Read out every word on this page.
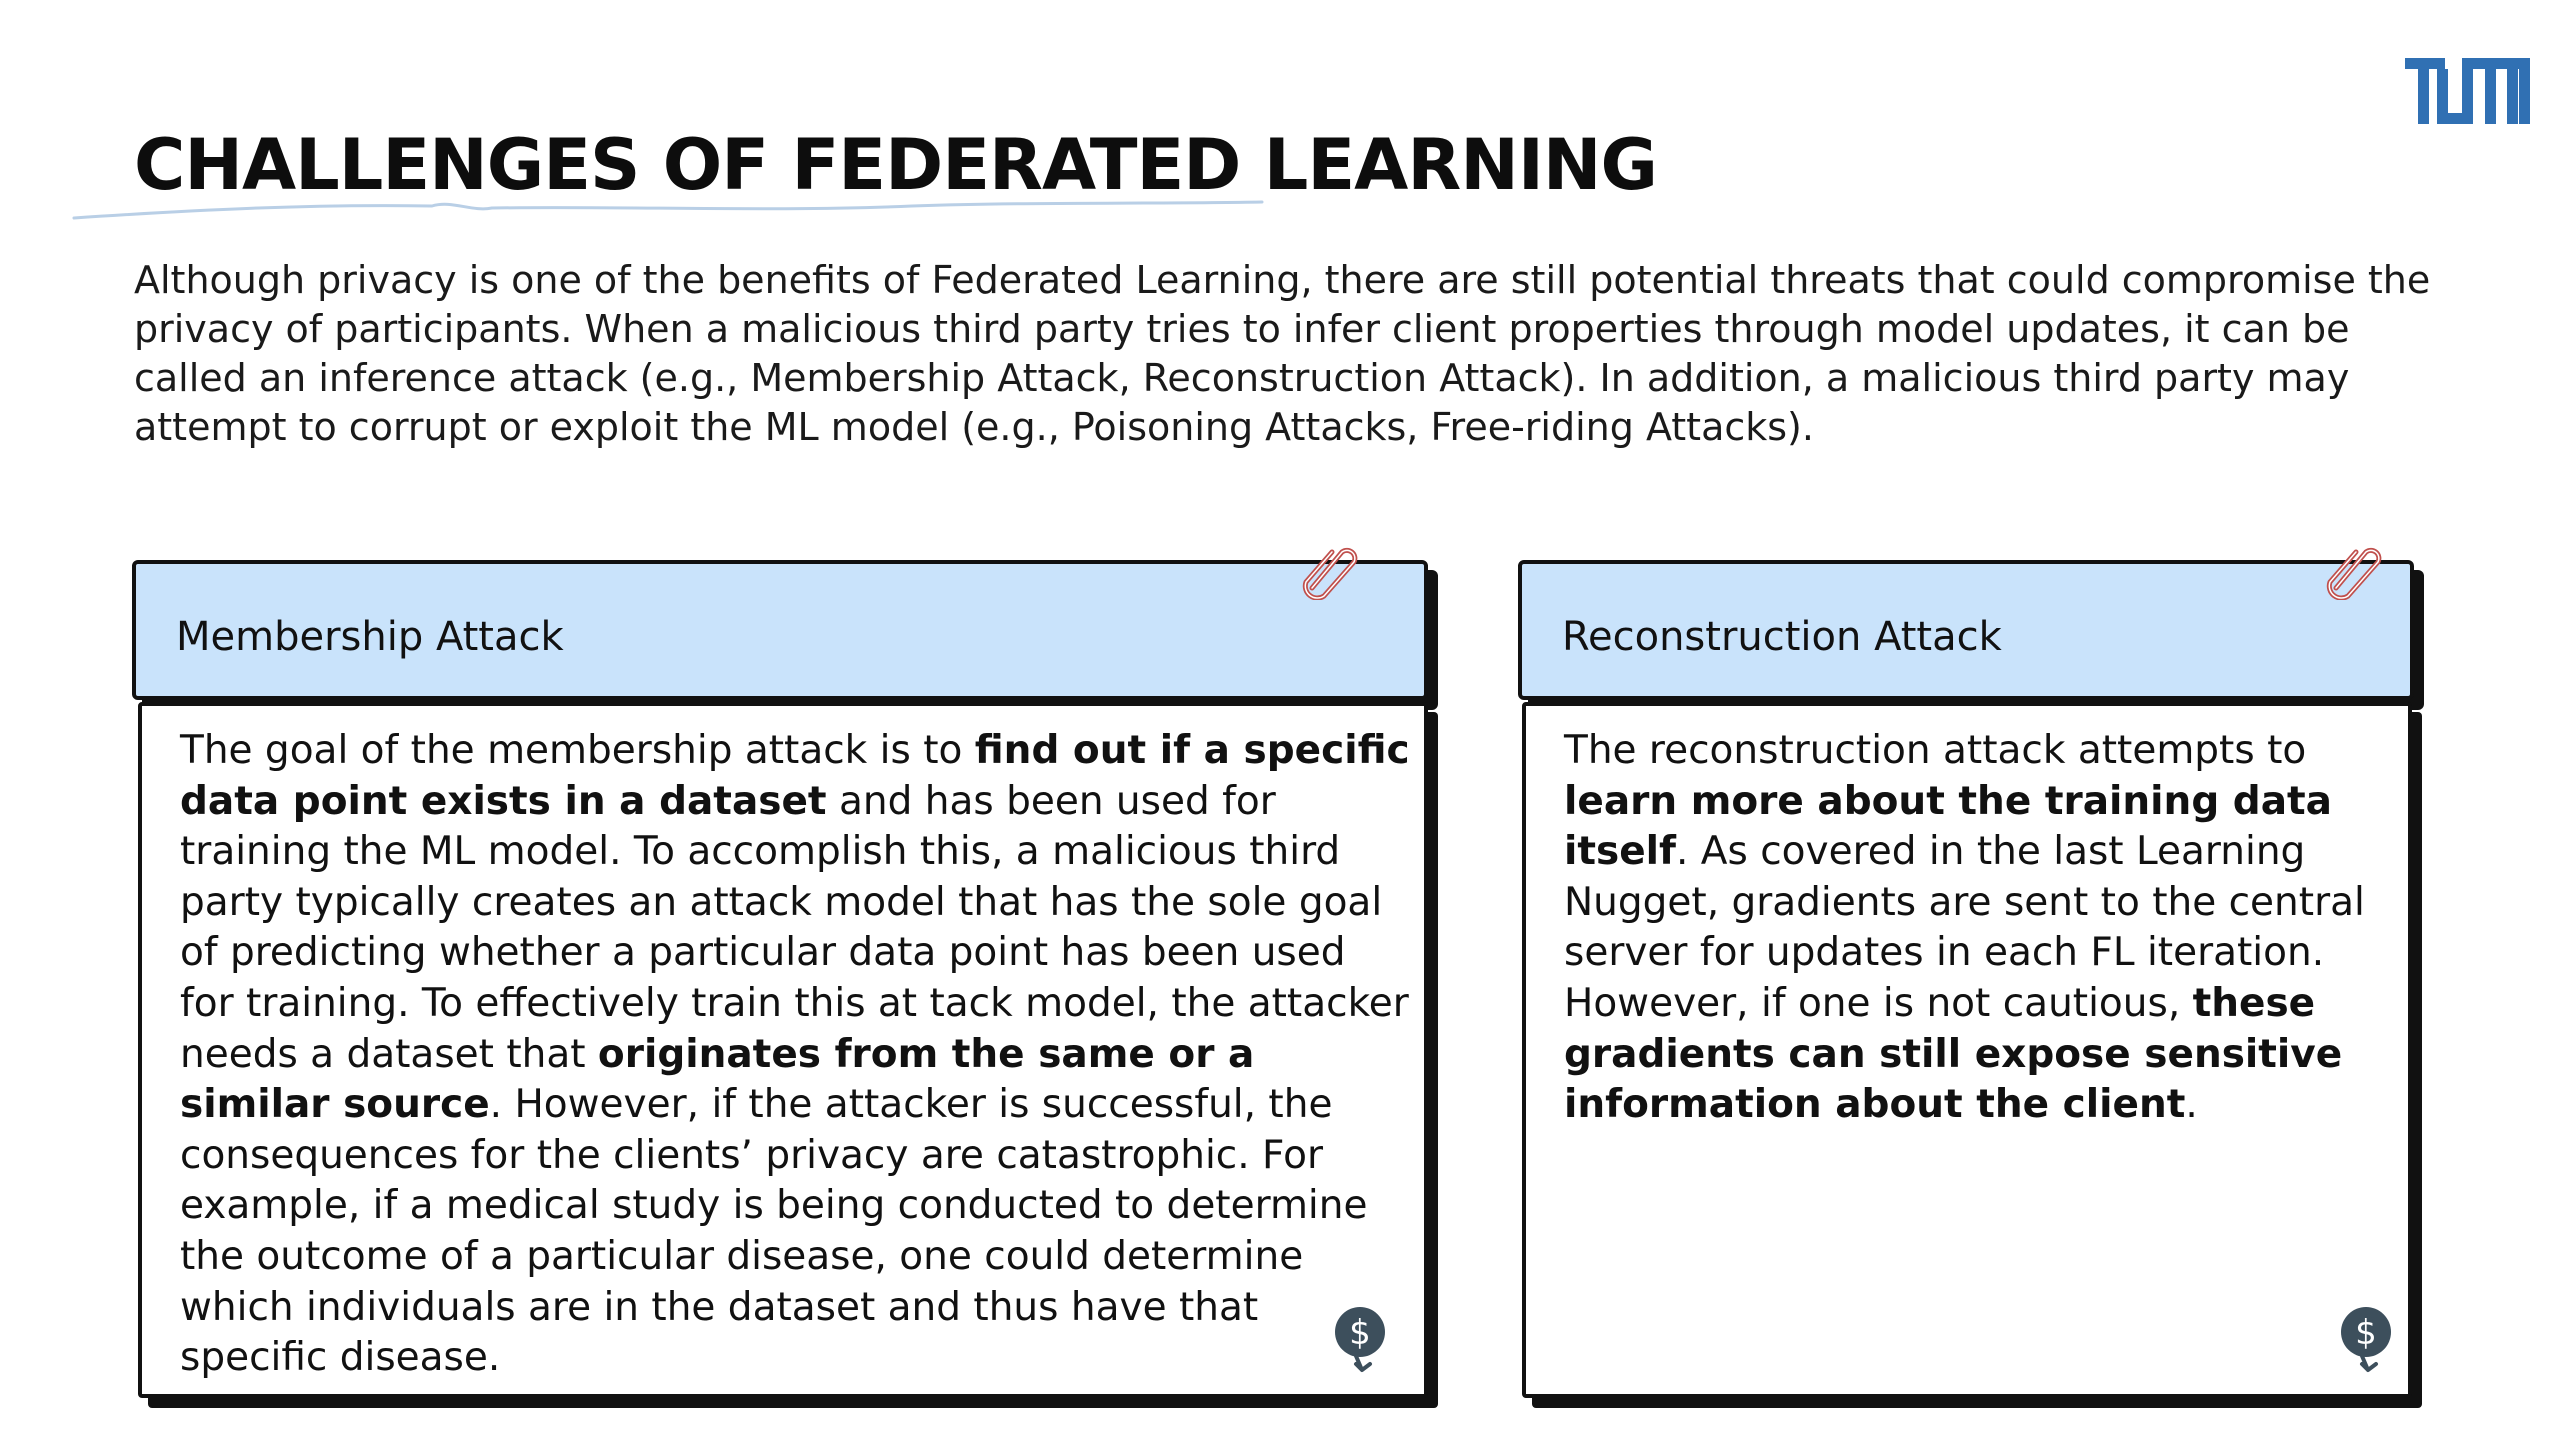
CHALLENGES OF FEDERATED LEARNING

Although privacy is one of the benefits of Federated Learning, there are still potential threats that could compromise the privacy of participants. When a malicious third party tries to infer client properties through model updates, it can be called an inference attack (e.g., Membership Attack, Reconstruction Attack). In addition, a malicious third party may attempt to corrupt or exploit the ML model (e.g., Poisoning Attacks, Free-riding Attacks).

Membership Attack

The goal of the membership attack is to find out if a specific data point exists in a dataset and has been used for training the ML model. To accomplish this, a malicious third party typically creates an attack model that has the sole goal of predicting whether a particular data point has been used for training. To effectively train this at tack model, the attacker needs a dataset that originates from the same or a similar source. However, if the attacker is successful, the consequences for the clients’ privacy are catastrophic. For example, if a medical study is being conducted to determine the outcome of a particular disease, one could determine which individuals are in the dataset and thus have that specific disease.

$
Reconstruction Attack

The reconstruction attack attempts to learn more about the training data itself. As covered in the last Learning Nugget, gradients are sent to the central server for updates in each FL iteration. However, if one is not cautious, these gradients can still expose sensitive information about the client.

$
